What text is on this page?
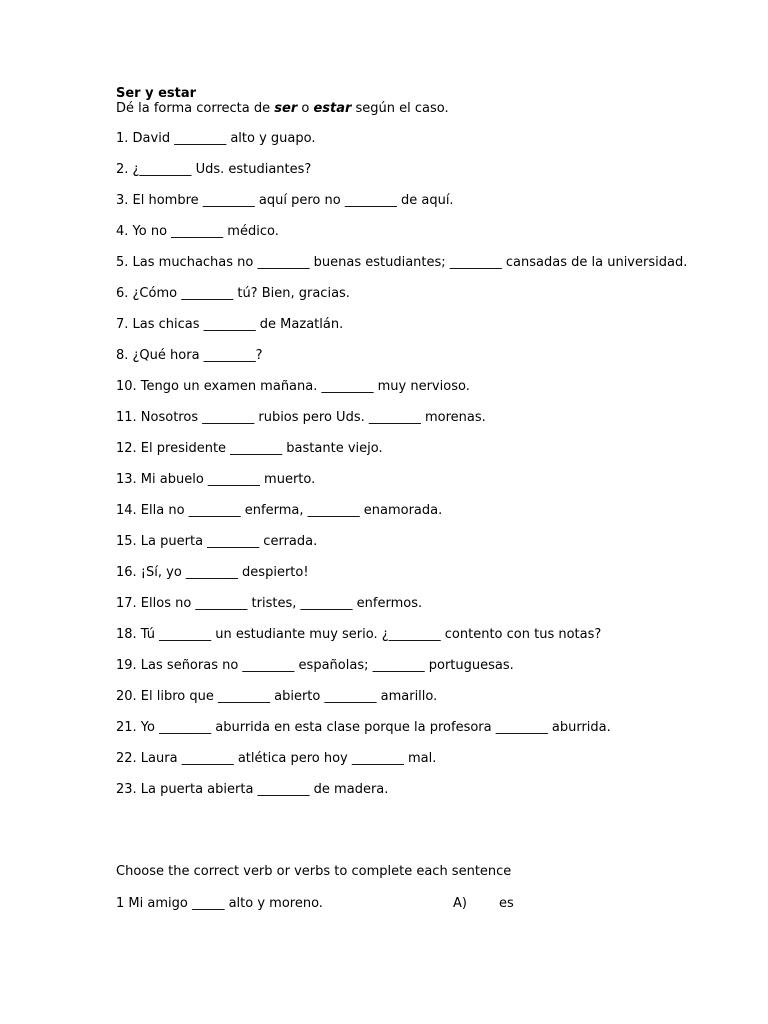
Ser y estar

Dé la forma correcta de ser o estar según el caso.

1. David ________ alto y guapo.

2. ¿________ Uds. estudiantes?

3. El hombre ________ aquí pero no ________ de aquí.

4. Yo no ________ médico.

5. Las muchachas no ________ buenas estudiantes; ________ cansadas de la universidad.

6. ¿Cómo ________ tú? Bien, gracias.

7. Las chicas ________ de Mazatlán.

8. ¿Qué hora ________?

10. Tengo un examen mañana. ________ muy nervioso.

11. Nosotros ________ rubios pero Uds. ________ morenas.

12. El presidente ________ bastante viejo.

13. Mi abuelo ________ muerto.

14. Ella no ________ enferma, ________ enamorada.

15. La puerta ________ cerrada.

16. ¡Sí, yo ________ despierto!

17. Ellos no ________ tristes, ________ enfermos.

18. Tú ________ un estudiante muy serio. ¿________ contento con tus notas?

19. Las señoras no ________ españolas; ________ portuguesas.

20. El libro que ________ abierto ________ amarillo.

21. Yo ________ aburrida en esta clase porque la profesora ________ aburrida.

22. Laura ________ atlética pero hoy ________ mal.

23. La puerta abierta ________ de madera.

Choose the correct verb or verbs to complete each sentence

1 Mi amigo _____ alto y moreno.	A) es
